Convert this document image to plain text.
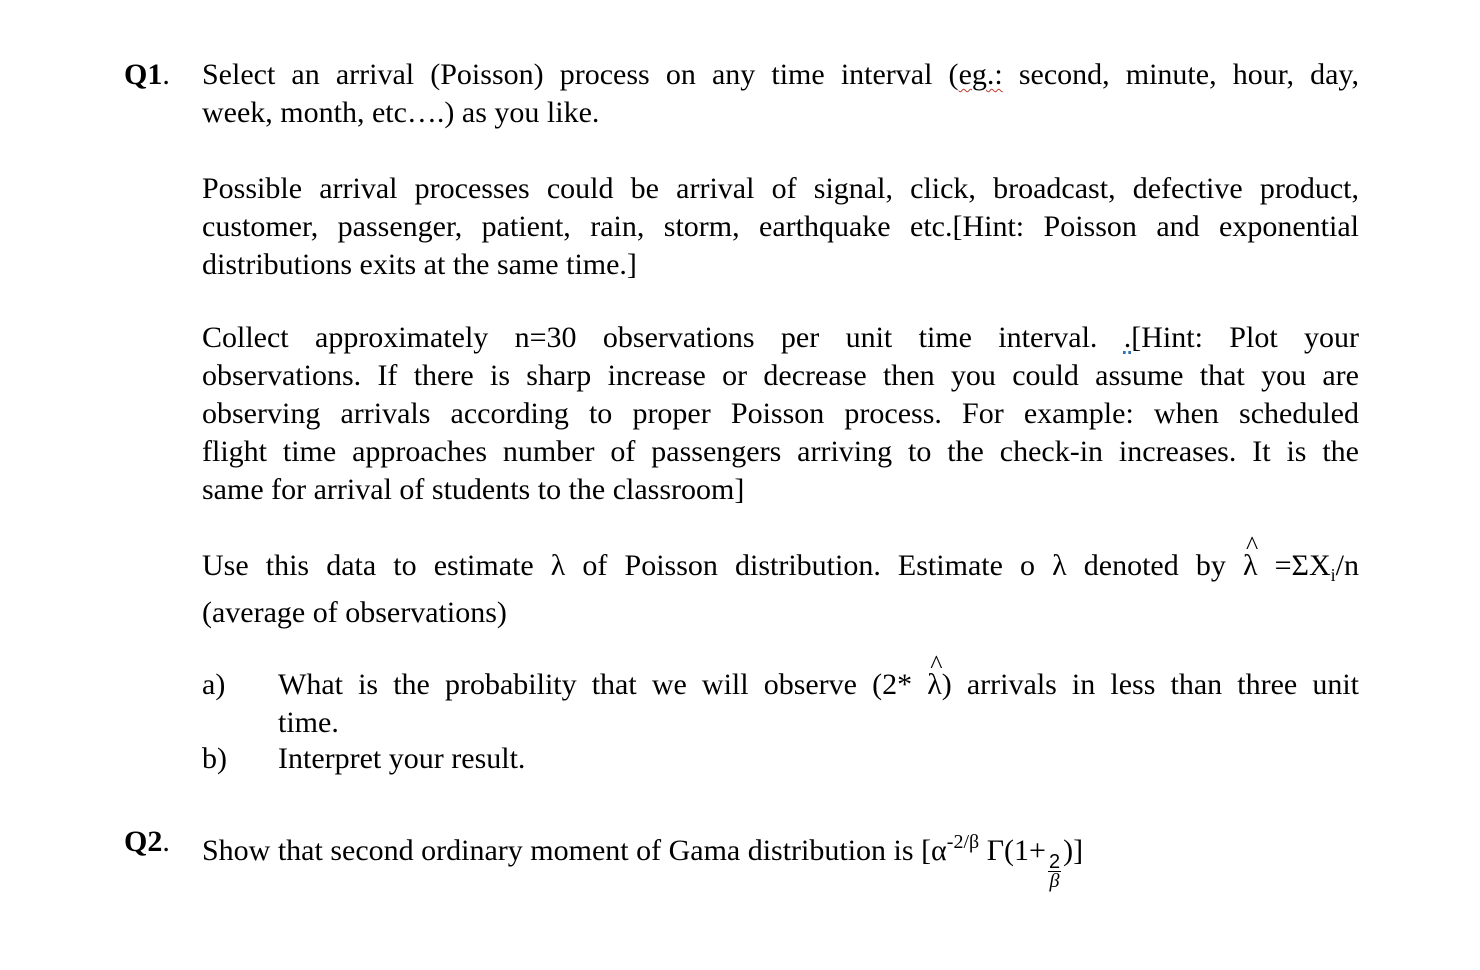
Q1. Select an arrival (Poisson) process on any time interval (eg.: second, minute, hour, day,
week, month, etc….) as you like.
Possible arrival processes could be arrival of signal, click, broadcast, defective product,
customer, passenger, patient, rain, storm, earthquake etc.[Hint: Poisson and exponential
distributions exits at the same time.]
Collect approximately n=30 observations per unit time interval. .[Hint: Plot your
observations. If there is sharp increase or decrease then you could assume that you are
observing arrivals according to proper Poisson process. For example: when scheduled
flight time approaches number of passengers arriving to the check-in increases. It is the
same for arrival of students to the classroom]
Use this data to estimate λ of Poisson distribution. Estimate o λ denoted by ^ $\lambda =\Sigma X_i/n$
(average of observations)
a) What is the probability that we will observe (2* ^ λ) arrivals in less than three unit
time.
b) Interpret your result.
Q2. Show that second ordinary moment of Gama distribution is [$\alpha^{-2/\beta}$ Γ(1+
$\frac{2}{\beta}$
)]
